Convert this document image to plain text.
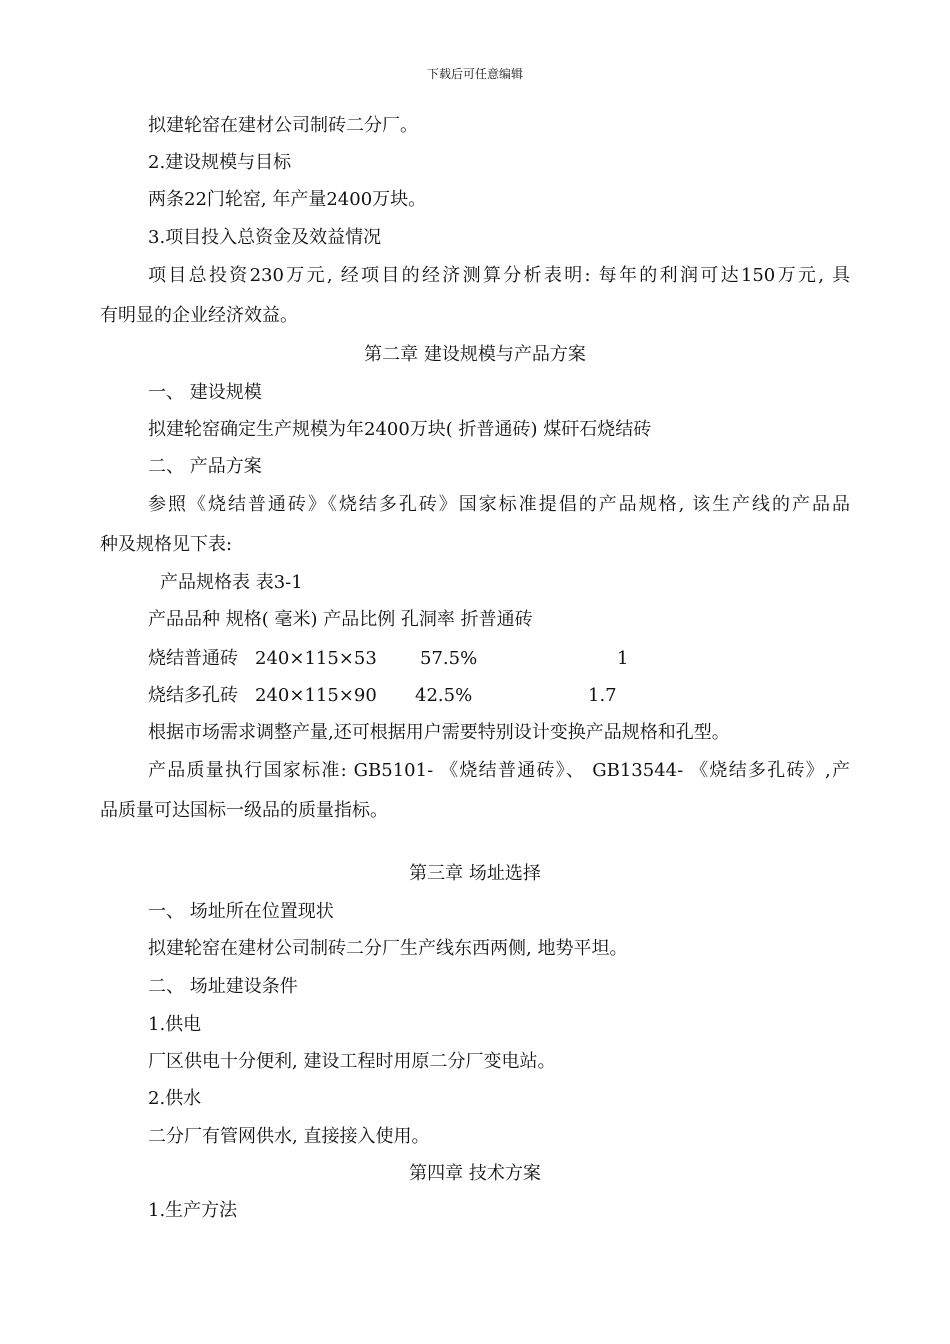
下载后可任意编辑
拟建轮窑在建材公司制砖二分厂。
2.建设规模与目标
两条22门轮窑, 年产量2400万块。
3.项目投入总资金及效益情况
项目总投资230万元, 经项目的经济测算分析表明: 每年的利润可达150万元, 具
有明显的企业经济效益。
第二章 建设规模与产品方案
一、 建设规模
拟建轮窑确定生产规模为年2400万块( 折普通砖) 煤矸石烧结砖
二、 产品方案
参照《烧结普通砖》《烧结多孔砖》国家标准提倡的产品规格, 该生产线的产品品
种及规格见下表:
产品规格表 表3-1
产品品种 规格( 毫米) 产品比例 孔洞率 折普通砖
烧结普通砖 240×115×53 57.5%	1
烧结多孔砖 240×115×90 42.5%	1.7
根据市场需求调整产量,还可根据用户需要特别设计变换产品规格和孔型。
产品质量执行国家标准: GB5101- 《烧结普通砖》、 GB13544- 《烧结多孔砖》,产
品质量可达国标一级品的质量指标。
第三章 场址选择
一、 场址所在位置现状
拟建轮窑在建材公司制砖二分厂生产线东西两侧, 地势平坦。
二、 场址建设条件
1.供电
厂区供电十分便利, 建设工程时用原二分厂变电站。
2.供水
二分厂有管网供水, 直接接入使用。
第四章 技术方案
1.生产方法
